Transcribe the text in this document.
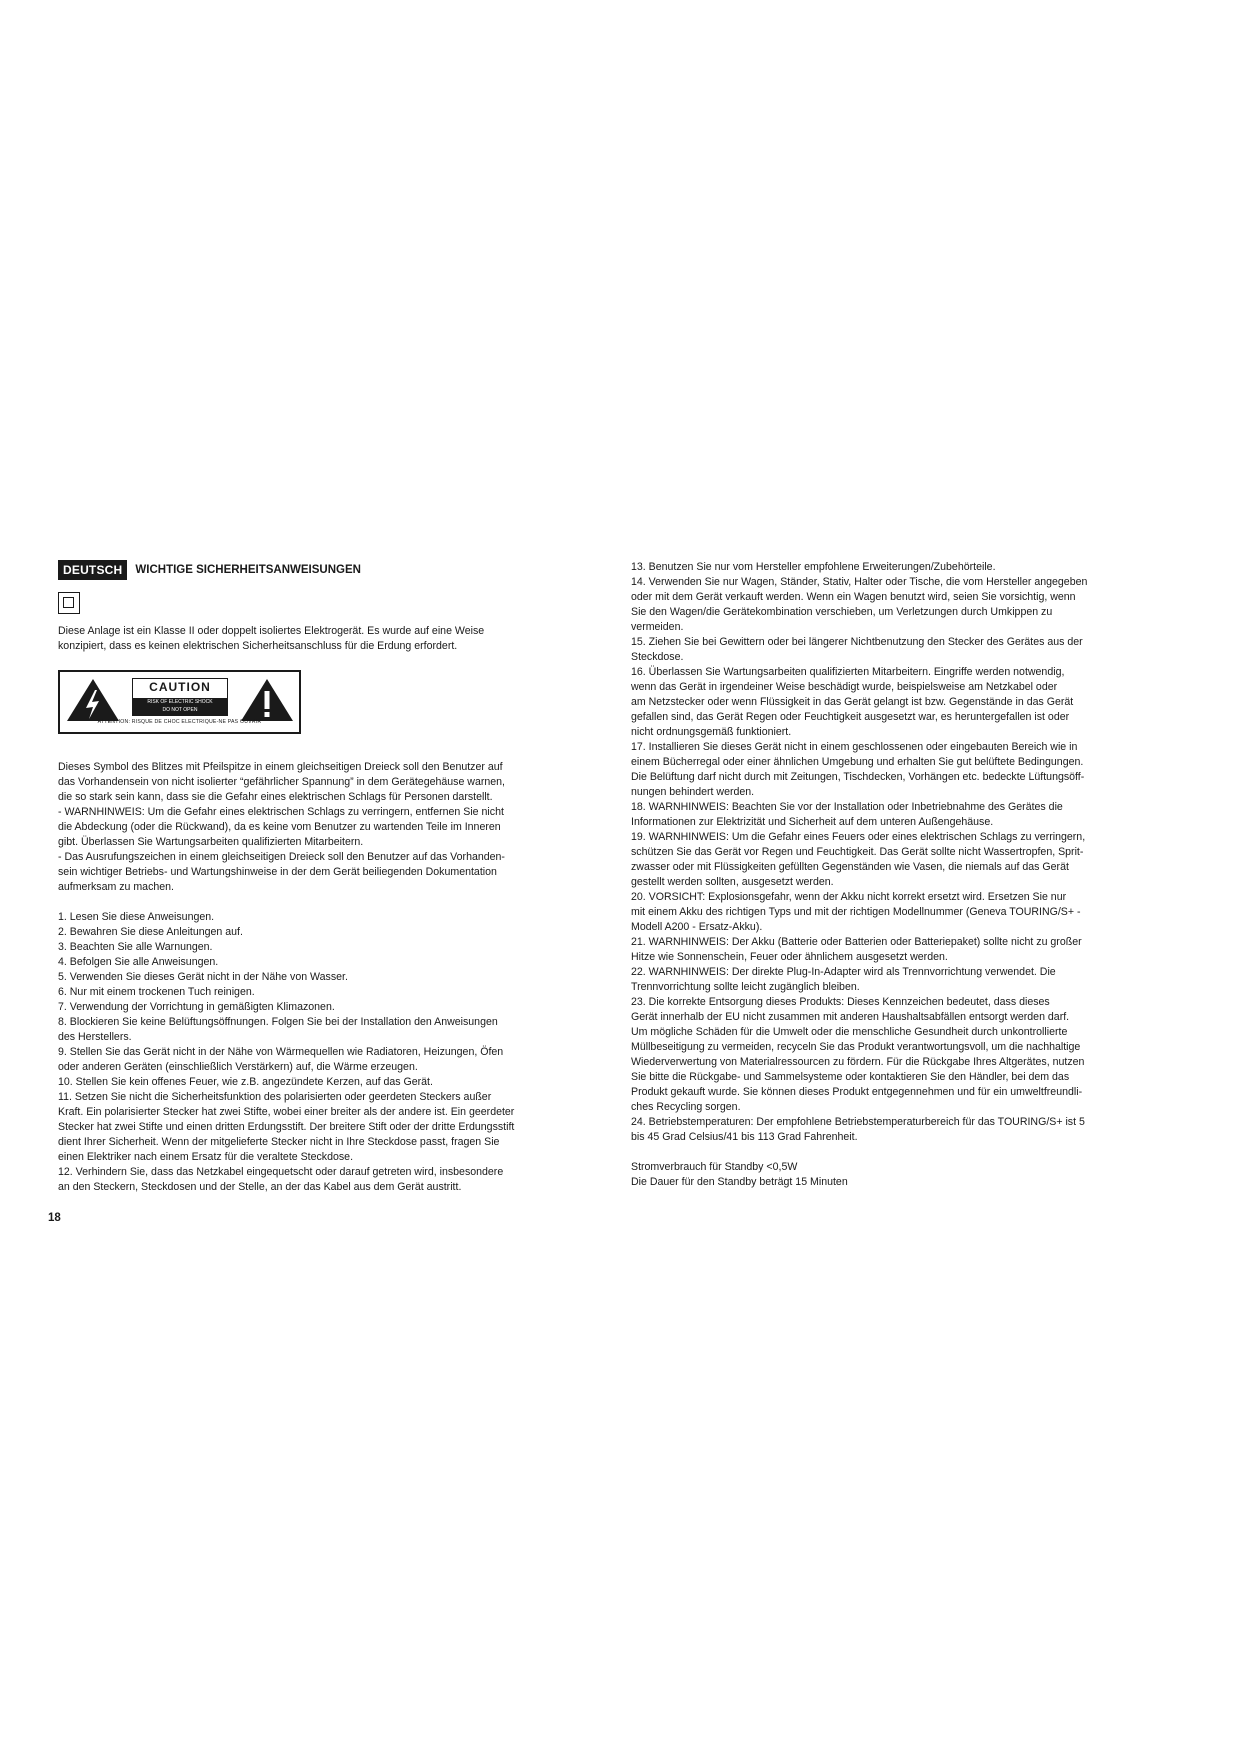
DEUTSCH	WICHTIGE SICHERHEITSANWEISUNGEN

Diese Anlage ist ein Klasse II oder doppelt isoliertes Elektrogerät. Es wurde auf eine Weise

konzipiert, dass es keinen elektrischen Sicherheitsanschluss für die Erdung erfordert.

CAUTION
RISK OF ELECTRIC SHOCK
DO NOT OPEN
ATTENTION: RISQUE DE CHOC ELECTRIQUE-NE PAS OUVRIR

Dieses Symbol des Blitzes mit Pfeilspitze in einem gleichseitigen Dreieck soll den Benutzer auf

das Vorhandensein von nicht isolierter “gefährlicher Spannung” in dem Gerätegehäuse warnen,

die so stark sein kann, dass sie die Gefahr eines elektrischen Schlags für Personen darstellt.

- WARNHINWEIS: Um die Gefahr eines elektrischen Schlags zu verringern, entfernen Sie nicht

die Abdeckung (oder die Rückwand), da es keine vom Benutzer zu wartenden Teile im Inneren

gibt. Überlassen Sie Wartungsarbeiten qualifizierten Mitarbeitern.

- Das Ausrufungszeichen in einem gleichseitigen Dreieck soll den Benutzer auf das Vorhanden-

sein wichtiger Betriebs- und Wartungshinweise in der dem Gerät beiliegenden Dokumentation

aufmerksam zu machen.

1. Lesen Sie diese Anweisungen.

2. Bewahren Sie diese Anleitungen auf.

3. Beachten Sie alle Warnungen.

4. Befolgen Sie alle Anweisungen.

5. Verwenden Sie dieses Gerät nicht in der Nähe von Wasser.

6. Nur mit einem trockenen Tuch reinigen.

7. Verwendung der Vorrichtung in gemäßigten Klimazonen.

8. Blockieren Sie keine Belüftungsöffnungen. Folgen Sie bei der Installation den Anweisungen

des Herstellers.

9. Stellen Sie das Gerät nicht in der Nähe von Wärmequellen wie Radiatoren, Heizungen, Öfen

oder anderen Geräten (einschließlich Verstärkern) auf, die Wärme erzeugen.

10. Stellen Sie kein offenes Feuer, wie z.B. angezündete Kerzen, auf das Gerät.

11. Setzen Sie nicht die Sicherheitsfunktion des polarisierten oder geerdeten Steckers außer

Kraft. Ein polarisierter Stecker hat zwei Stifte, wobei einer breiter als der andere ist. Ein geerdeter

Stecker hat zwei Stifte und einen dritten Erdungsstift. Der breitere Stift oder der dritte Erdungsstift

dient Ihrer Sicherheit. Wenn der mitgelieferte Stecker nicht in Ihre Steckdose passt, fragen Sie

einen Elektriker nach einem Ersatz für die veraltete Steckdose.

12. Verhindern Sie, dass das Netzkabel eingequetscht oder darauf getreten wird, insbesondere

an den Steckern, Steckdosen und der Stelle, an der das Kabel aus dem Gerät austritt.

13. Benutzen Sie nur vom Hersteller empfohlene Erweiterungen/Zubehörteile.

14. Verwenden Sie nur Wagen, Ständer, Stativ, Halter oder Tische, die vom Hersteller angegeben

oder mit dem Gerät verkauft werden. Wenn ein Wagen benutzt wird, seien Sie vorsichtig, wenn

Sie den Wagen/die Gerätekombination verschieben, um Verletzungen durch Umkippen zu

vermeiden.

15. Ziehen Sie bei Gewittern oder bei längerer Nichtbenutzung den Stecker des Gerätes aus der

Steckdose.

16. Überlassen Sie Wartungsarbeiten qualifizierten Mitarbeitern. Eingriffe werden notwendig,

wenn das Gerät in irgendeiner Weise beschädigt wurde, beispielsweise am Netzkabel oder

am Netzstecker oder wenn Flüssigkeit in das Gerät gelangt ist bzw. Gegenstände in das Gerät

gefallen sind, das Gerät Regen oder Feuchtigkeit ausgesetzt war, es heruntergefallen ist oder

nicht ordnungsgemäß funktioniert.

17. Installieren Sie dieses Gerät nicht in einem geschlossenen oder eingebauten Bereich wie in

einem Bücherregal oder einer ähnlichen Umgebung und erhalten Sie gut belüftete Bedingungen.

Die Belüftung darf nicht durch mit Zeitungen, Tischdecken, Vorhängen etc. bedeckte Lüftungsöff-

nungen behindert werden.

18. WARNHINWEIS: Beachten Sie vor der Installation oder Inbetriebnahme des Gerätes die

Informationen zur Elektrizität und Sicherheit auf dem unteren Außengehäuse.

19. WARNHINWEIS: Um die Gefahr eines Feuers oder eines elektrischen Schlags zu verringern,

schützen Sie das Gerät vor Regen und Feuchtigkeit. Das Gerät sollte nicht Wassertropfen, Sprit-

zwasser oder mit Flüssigkeiten gefüllten Gegenständen wie Vasen, die niemals auf das Gerät

gestellt werden sollten, ausgesetzt werden.

20. VORSICHT: Explosionsgefahr, wenn der Akku nicht korrekt ersetzt wird. Ersetzen Sie nur

mit einem Akku des richtigen Typs und mit der richtigen Modellnummer (Geneva TOURING/S+ -

Modell A200 - Ersatz-Akku).

21. WARNHINWEIS: Der Akku (Batterie oder Batterien oder Batteriepaket) sollte nicht zu großer

Hitze wie Sonnenschein, Feuer oder ähnlichem ausgesetzt werden.

22. WARNHINWEIS: Der direkte Plug-In-Adapter wird als Trennvorrichtung verwendet. Die

Trennvorrichtung sollte leicht zugänglich bleiben.

23. Die korrekte Entsorgung dieses Produkts: Dieses Kennzeichen bedeutet, dass dieses

Gerät innerhalb der EU nicht zusammen mit anderen Haushaltsabfällen entsorgt werden darf.

Um mögliche Schäden für die Umwelt oder die menschliche Gesundheit durch unkontrollierte

Müllbeseitigung zu vermeiden, recyceln Sie das Produkt verantwortungsvoll, um die nachhaltige

Wiederverwertung von Materialressourcen zu fördern. Für die Rückgabe Ihres Altgerätes, nutzen

Sie bitte die Rückgabe- und Sammelsysteme oder kontaktieren Sie den Händler, bei dem das

Produkt gekauft wurde. Sie können dieses Produkt entgegennehmen und für ein umweltfreundli-

ches Recycling sorgen.

24. Betriebstemperaturen: Der empfohlene Betriebstemperaturbereich für das TOURING/S+ ist 5

bis 45 Grad Celsius/41 bis 113 Grad Fahrenheit.

Stromverbrauch für Standby <0,5W

Die Dauer für den Standby beträgt 15 Minuten

18
